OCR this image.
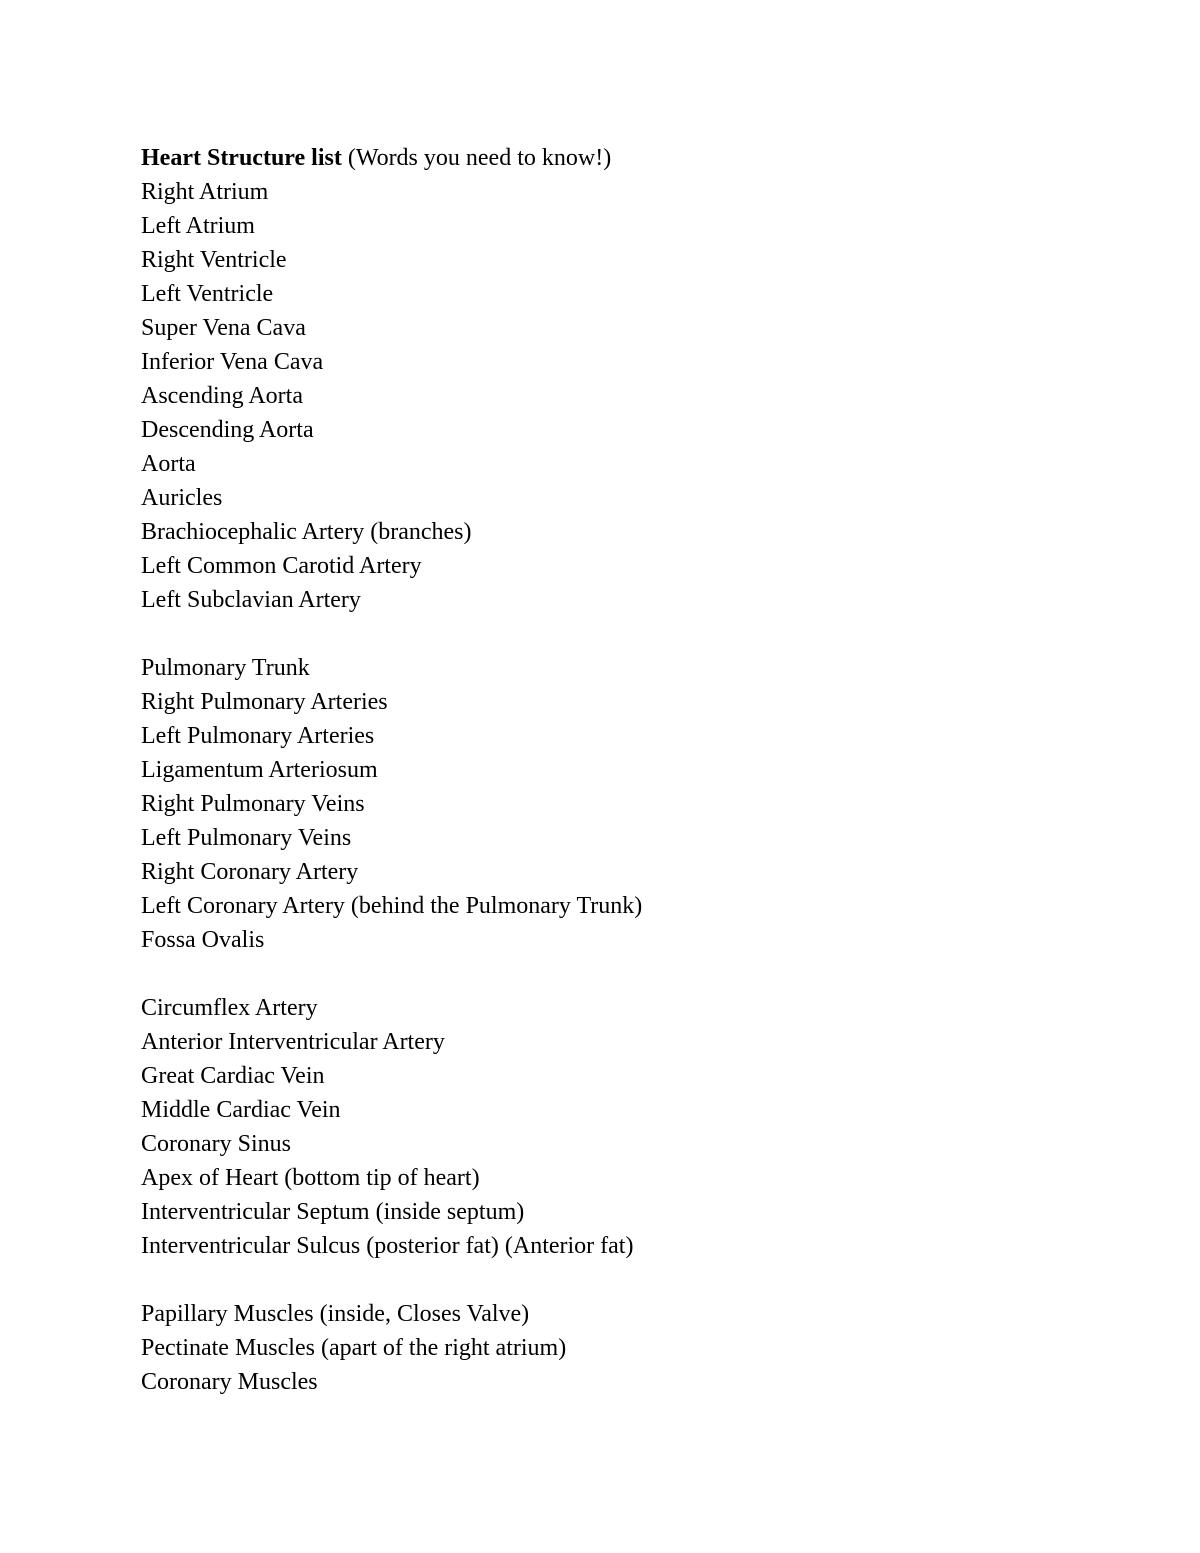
Heart Structure list (Words you need to know!)
Right Atrium
Left Atrium
Right Ventricle
Left Ventricle
Super Vena Cava
Inferior Vena Cava
Ascending Aorta
Descending Aorta
Aorta
Auricles
Brachiocephalic Artery (branches)
Left Common Carotid Artery
Left Subclavian Artery
Pulmonary Trunk
Right Pulmonary Arteries
Left Pulmonary Arteries
Ligamentum Arteriosum
Right Pulmonary Veins
Left Pulmonary Veins
Right Coronary Artery
Left Coronary Artery (behind the Pulmonary Trunk)
Fossa Ovalis
Circumflex Artery
Anterior Interventricular Artery
Great Cardiac Vein
Middle Cardiac Vein
Coronary Sinus
Apex of Heart (bottom tip of heart)
Interventricular Septum (inside septum)
Interventricular Sulcus (posterior fat) (Anterior fat)
Papillary Muscles (inside, Closes Valve)
Pectinate Muscles (apart of the right atrium)
Coronary Muscles
